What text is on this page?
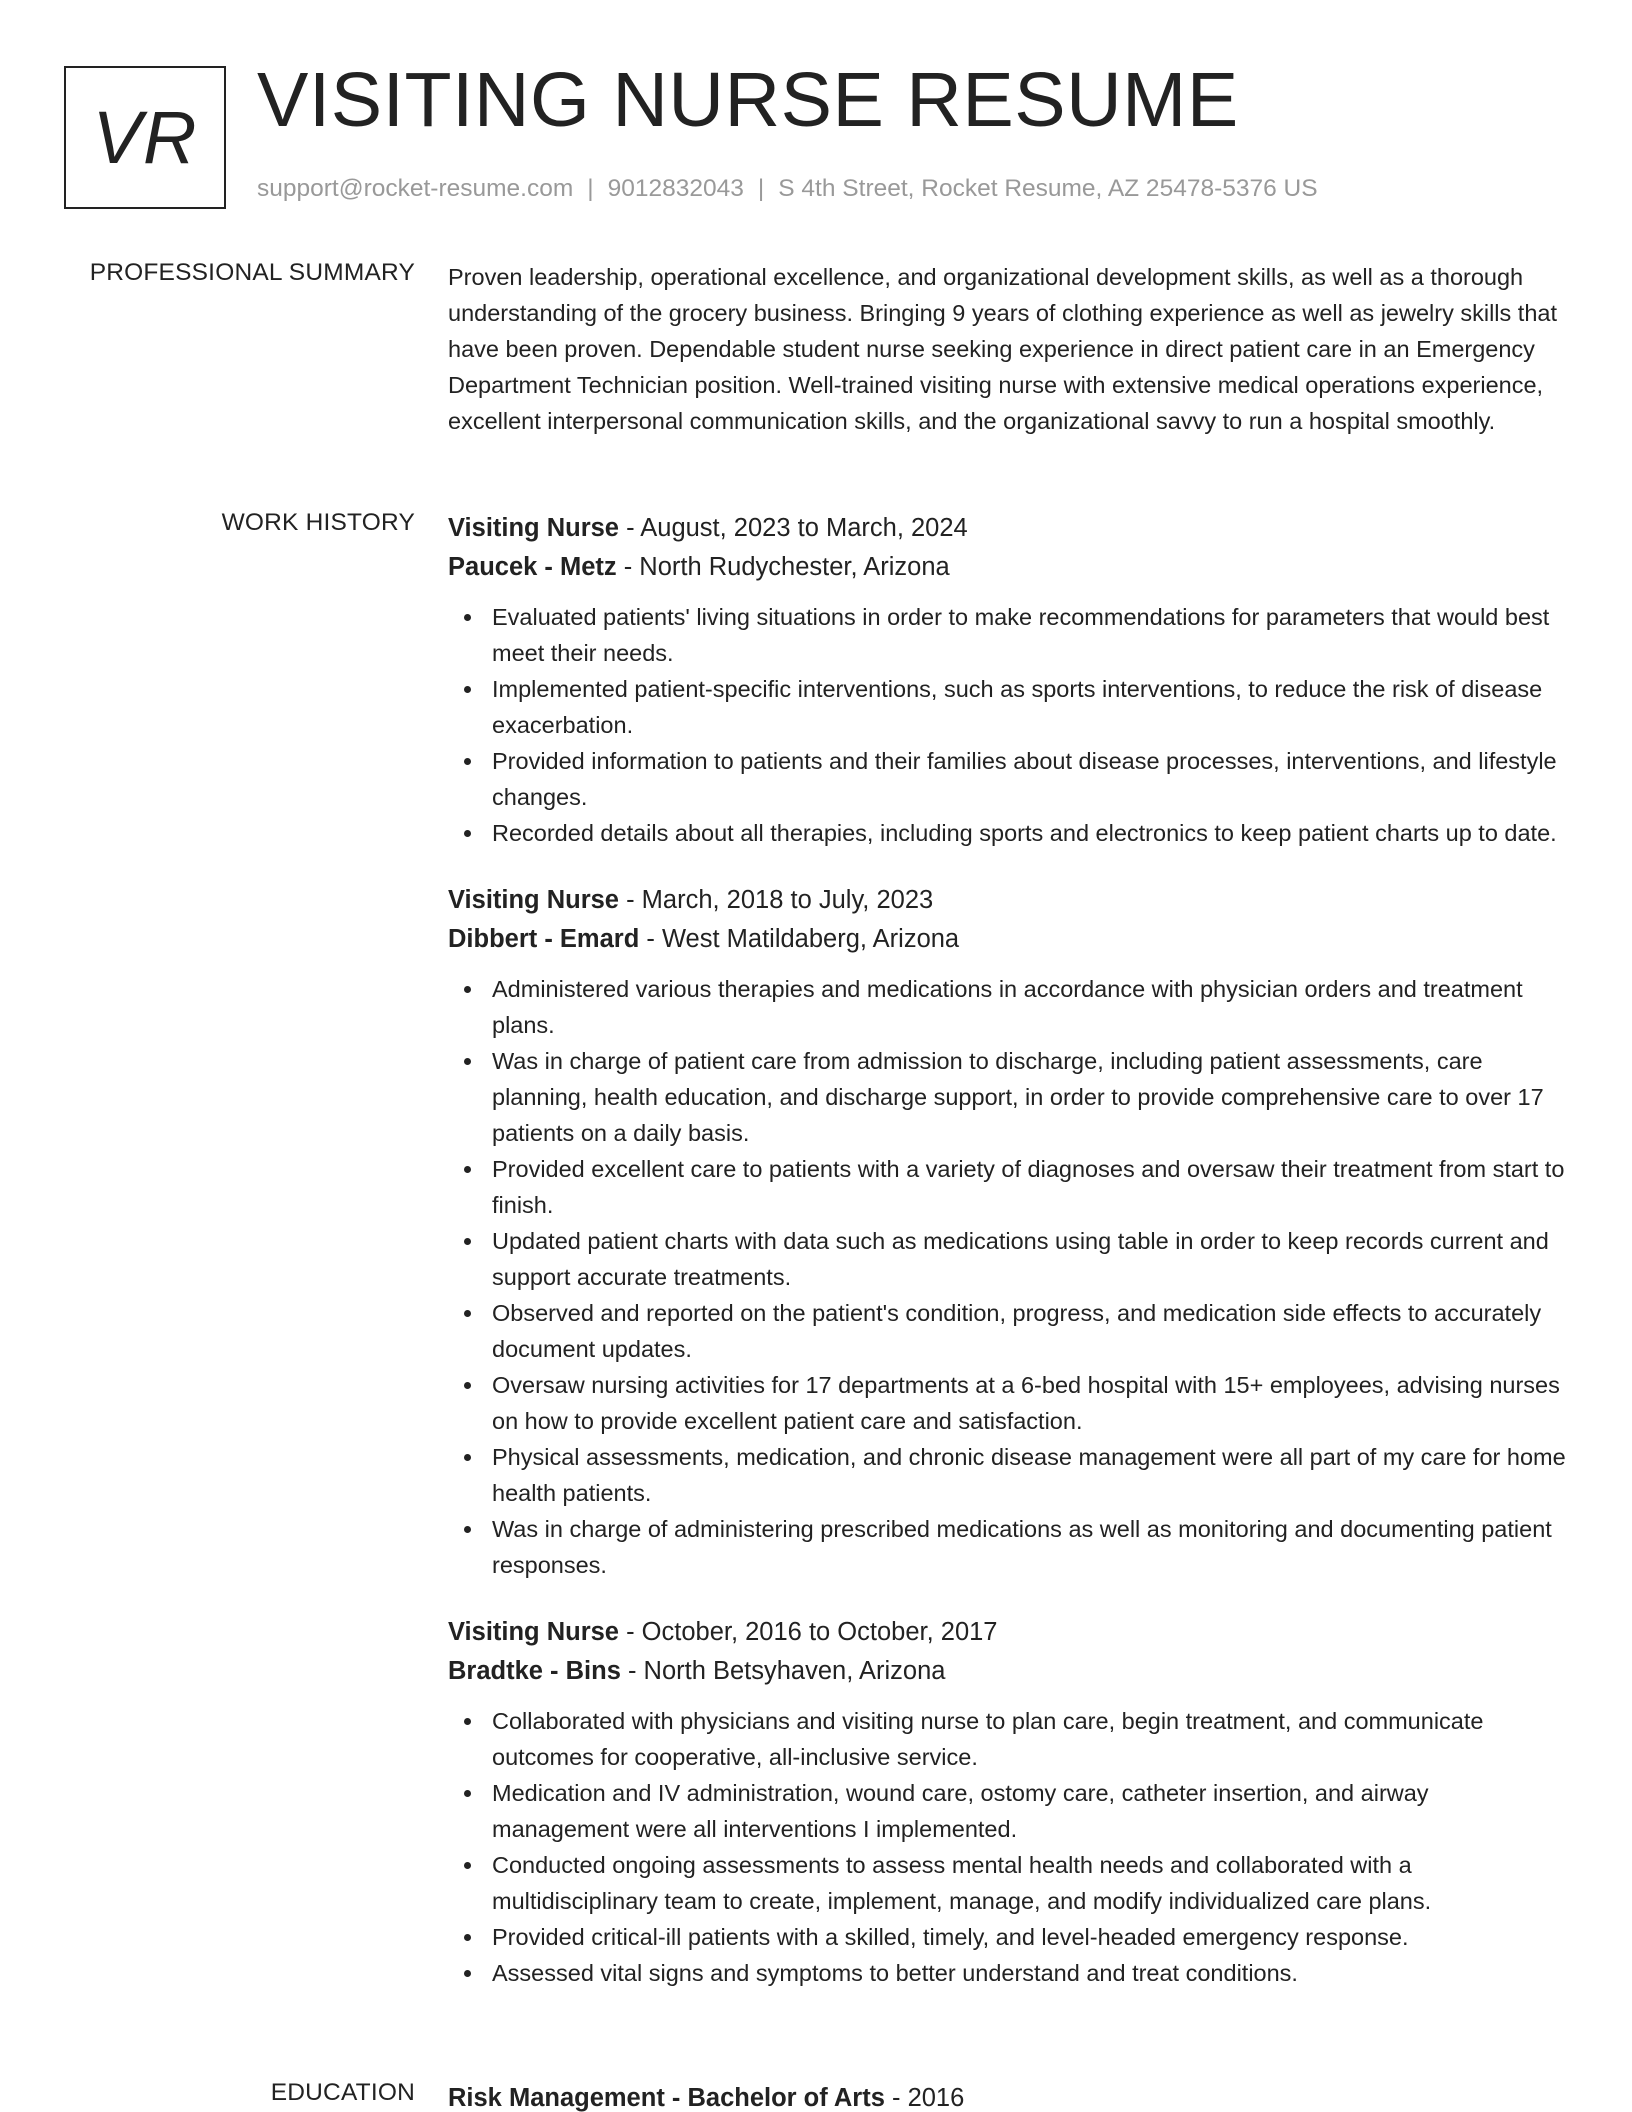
VR VISITING NURSE RESUME
support@rocket-resume.com | 9012832043 | S 4th Street, Rocket Resume, AZ 25478-5376 US
PROFESSIONAL SUMMARY Proven leadership, operational excellence, and organizational development skills, as well as a thorough understanding of the grocery business. Bringing 9 years of clothing experience as well as jewelry skills that have been proven. Dependable student nurse seeking experience in direct patient care in an Emergency Department Technician position. Well-trained visiting nurse with extensive medical operations experience, excellent interpersonal communication skills, and the organizational savvy to run a hospital smoothly.
WORK HISTORY Visiting Nurse - August, 2023 to March, 2024
Paucek - Metz - North Rudychester, Arizona
Evaluated patients' living situations in order to make recommendations for parameters that would best meet their needs.
Implemented patient-specific interventions, such as sports interventions, to reduce the risk of disease exacerbation.
Provided information to patients and their families about disease processes, interventions, and lifestyle changes.
Recorded details about all therapies, including sports and electronics to keep patient charts up to date.
Visiting Nurse - March, 2018 to July, 2023
Dibbert - Emard - West Matildaberg, Arizona
Administered various therapies and medications in accordance with physician orders and treatment plans.
Was in charge of patient care from admission to discharge, including patient assessments, care planning, health education, and discharge support, in order to provide comprehensive care to over 17 patients on a daily basis.
Provided excellent care to patients with a variety of diagnoses and oversaw their treatment from start to finish.
Updated patient charts with data such as medications using table in order to keep records current and support accurate treatments.
Observed and reported on the patient's condition, progress, and medication side effects to accurately document updates.
Oversaw nursing activities for 17 departments at a 6-bed hospital with 15+ employees, advising nurses on how to provide excellent patient care and satisfaction.
Physical assessments, medication, and chronic disease management were all part of my care for home health patients.
Was in charge of administering prescribed medications as well as monitoring and documenting patient responses.
Visiting Nurse - October, 2016 to October, 2017
Bradtke - Bins - North Betsyhaven, Arizona
Collaborated with physicians and visiting nurse to plan care, begin treatment, and communicate outcomes for cooperative, all-inclusive service.
Medication and IV administration, wound care, ostomy care, catheter insertion, and airway management were all interventions I implemented.
Conducted ongoing assessments to assess mental health needs and collaborated with a multidisciplinary team to create, implement, manage, and modify individualized care plans.
Provided critical-ill patients with a skilled, timely, and level-headed emergency response.
Assessed vital signs and symptoms to better understand and treat conditions.
EDUCATION Risk Management - Bachelor of Arts - 2016
